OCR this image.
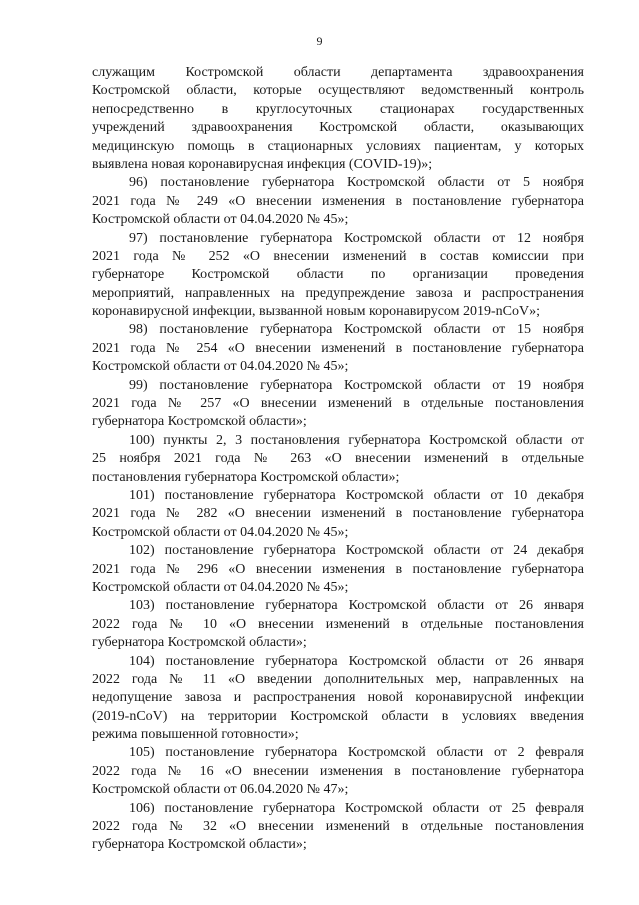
9
служащим Костромской области департамента здравоохранения
Костромской области, которые осуществляют ведомственный контроль
непосредственно в круглосуточных стационарах государственных
учреждений здравоохранения Костромской области, оказывающих
медицинскую помощь в стационарных условиях пациентам, у которых
выявлена новая коронавирусная инфекция (COVID-19)»;
96) постановление губернатора Костромской области от 5 ноября
2021 года № 249 «О внесении изменения в постановление губернатора
Костромской области от 04.04.2020 № 45»;
97) постановление губернатора Костромской области от 12 ноября
2021 года № 252 «О внесении изменений в состав комиссии при
губернаторе Костромской области по организации проведения
мероприятий, направленных на предупреждение завоза и распространения
коронавирусной инфекции, вызванной новым коронавирусом 2019-nCoV»;
98) постановление губернатора Костромской области от 15 ноября
2021 года № 254 «О внесении изменений в постановление губернатора
Костромской области от 04.04.2020 № 45»;
99) постановление губернатора Костромской области от 19 ноября
2021 года № 257 «О внесении изменений в отдельные постановления
губернатора Костромской области»;
100) пункты 2, 3 постановления губернатора Костромской области от
25 ноября 2021 года № 263 «О внесении изменений в отдельные
постановления губернатора Костромской области»;
101) постановление губернатора Костромской области от 10 декабря
2021 года № 282 «О внесении изменений в постановление губернатора
Костромской области от 04.04.2020 № 45»;
102) постановление губернатора Костромской области от 24 декабря
2021 года № 296 «О внесении изменения в постановление губернатора
Костромской области от 04.04.2020 № 45»;
103) постановление губернатора Костромской области от 26 января
2022 года № 10 «О внесении изменений в отдельные постановления
губернатора Костромской области»;
104) постановление губернатора Костромской области от 26 января
2022 года № 11 «О введении дополнительных мер, направленных на
недопущение завоза и распространения новой коронавирусной инфекции
(2019-nCoV) на территории Костромской области в условиях введения
режима повышенной готовности»;
105) постановление губернатора Костромской области от 2 февраля
2022 года № 16 «О внесении изменения в постановление губернатора
Костромской области от 06.04.2020 № 47»;
106) постановление губернатора Костромской области от 25 февраля
2022 года № 32 «О внесении изменений в отдельные постановления
губернатора Костромской области»;
